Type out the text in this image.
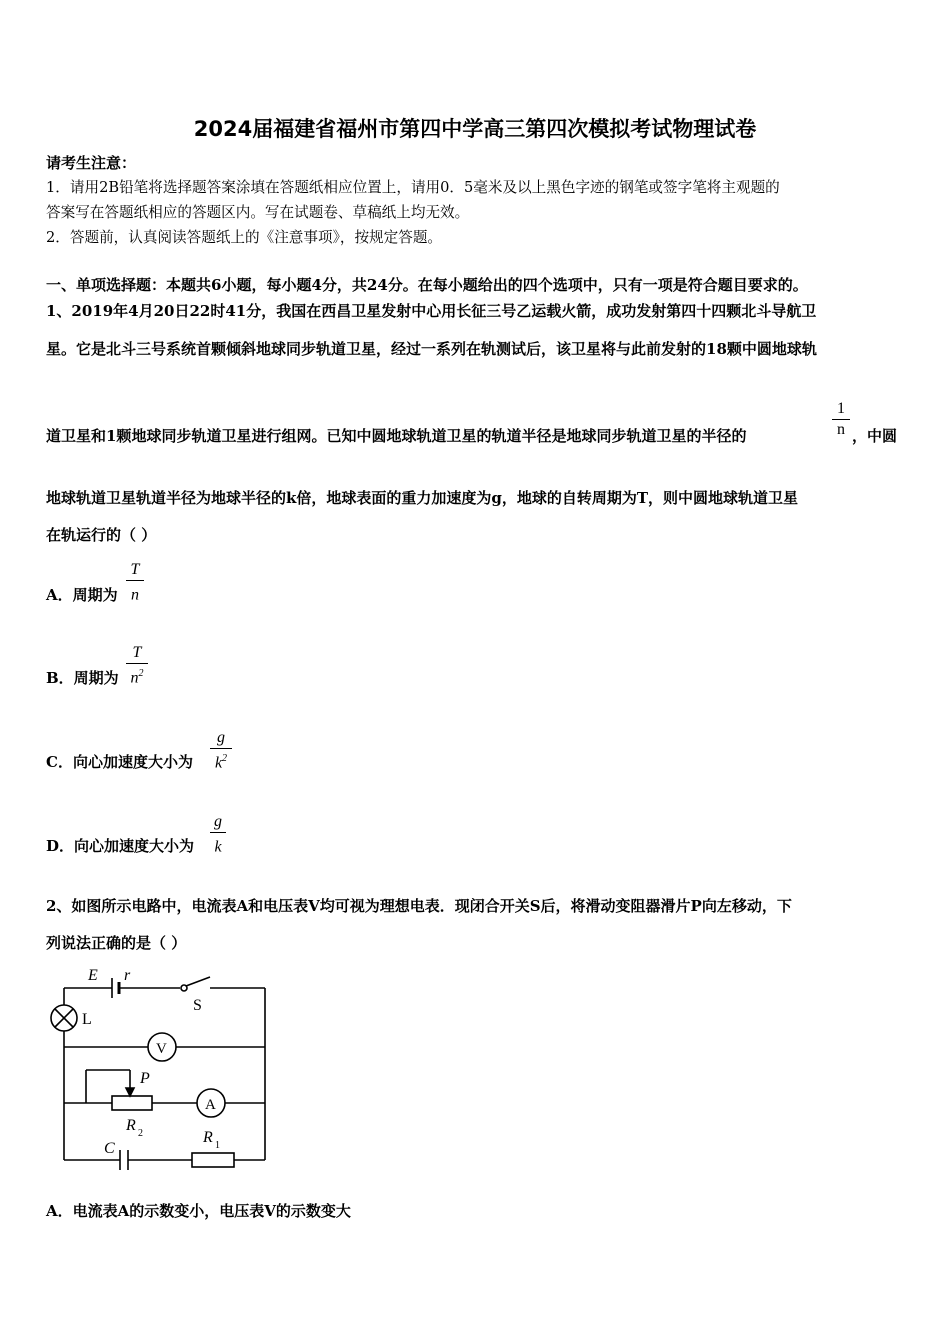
2024届福建省福州市第四中学高三第四次模拟考试物理试卷
请考生注意：
1．请用2B铅笔将选择题答案涂填在答题纸相应位置上，请用0．5毫米及以上黑色字迹的钢笔或签字笔将主观题的
答案写在答题纸相应的答题区内。写在试题卷、草稿纸上均无效。
2．答题前，认真阅读答题纸上的《注意事项》，按规定答题。
一、单项选择题：本题共6小题，每小题4分，共24分。在每小题给出的四个选项中，只有一项是符合题目要求的。
1、2019年4月20日22时41分，我国在西昌卫星发射中心用长征三号乙运载火箭，成功发射第四十四颗北斗导航卫
星。它是北斗三号系统首颗倾斜地球同步轨道卫星，经过一系列在轨测试后，该卫星将与此前发射的18颗中圆地球轨
道卫星和1颗地球同步轨道卫星进行组网。已知中圆地球轨道卫星的轨道半径是地球同步轨道卫星的半径的
1
n ，中圆
地球轨道卫星轨道半径为地球半径的k倍，地球表面的重力加速度为g，地球的自转周期为T，则中圆地球轨道卫星
在轨运行的（ ）
A．周期为
T
n
B．周期为
T
$n^2$
C．向心加速度大小为
g
$k^2$
D．向心加速度大小为
g
k
2、如图所示电路中，电流表A和电压表V均可视为理想电表．现闭合开关S后，将滑动变阻器滑片P向左移动，下
列说法正确的是（ ）
E r
S
L
V
A
P
R 2	R 1
C
A．电流表A的示数变小，电压表V的示数变大
